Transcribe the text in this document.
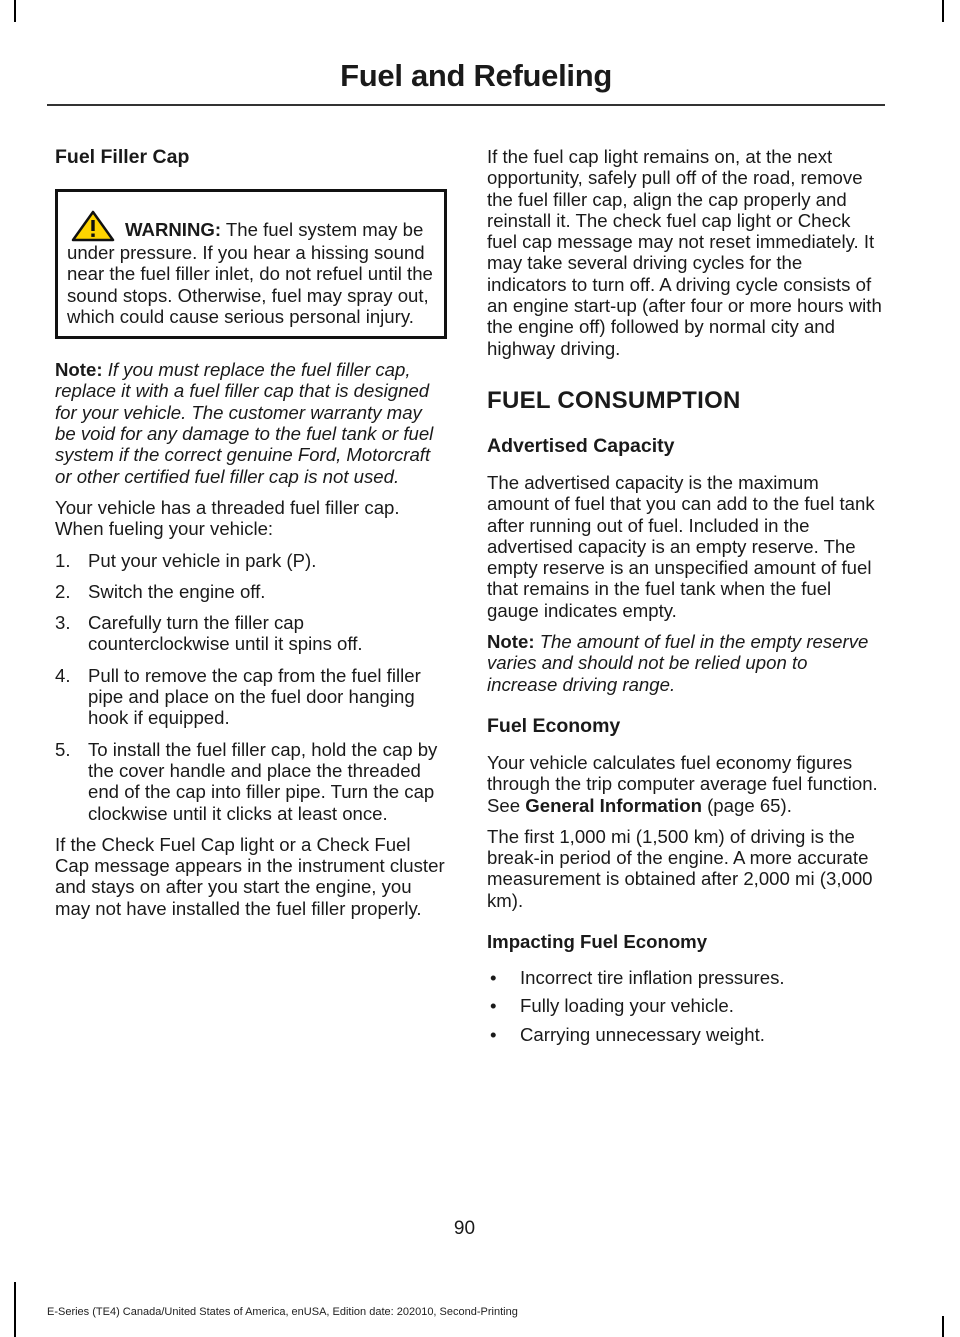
Fuel and Refueling
Fuel Filler Cap
WARNING: The fuel system may be under pressure. If you hear a hissing sound near the fuel filler inlet, do not refuel until the sound stops. Otherwise, fuel may spray out, which could cause serious personal injury.

Note: If you must replace the fuel filler cap, replace it with a fuel filler cap that is designed for your vehicle. The customer warranty may be void for any damage to the fuel tank or fuel system if the correct genuine Ford, Motorcraft or other certified fuel filler cap is not used.

Your vehicle has a threaded fuel filler cap. When fueling your vehicle:

1. Put your vehicle in park (P).
2. Switch the engine off.
3. Carefully turn the filler cap counterclockwise until it spins off.
4. Pull to remove the cap from the fuel filler pipe and place on the fuel door hanging hook if equipped.
5. To install the fuel filler cap, hold the cap by the cover handle and place the threaded end of the cap into filler pipe. Turn the cap clockwise until it clicks at least once.

If the Check Fuel Cap light or a Check Fuel Cap message appears in the instrument cluster and stays on after you start the engine, you may not have installed the fuel filler properly.

If the fuel cap light remains on, at the next opportunity, safely pull off of the road, remove the fuel filler cap, align the cap properly and reinstall it. The check fuel cap light or Check fuel cap message may not reset immediately. It may take several driving cycles for the indicators to turn off. A driving cycle consists of an engine start-up (after four or more hours with the engine off) followed by normal city and highway driving.

FUEL CONSUMPTION
Advertised Capacity

The advertised capacity is the maximum amount of fuel that you can add to the fuel tank after running out of fuel. Included in the advertised capacity is an empty reserve. The empty reserve is an unspecified amount of fuel that remains in the fuel tank when the fuel gauge indicates empty.

Note: The amount of fuel in the empty reserve varies and should not be relied upon to increase driving range.

Fuel Economy

Your vehicle calculates fuel economy figures through the trip computer average fuel function. See General Information (page 65).

The first 1,000 mi (1,500 km) of driving is the break-in period of the engine. A more accurate measurement is obtained after 2,000 mi (3,000 km).

Impacting Fuel Economy
• Incorrect tire inflation pressures.
• Fully loading your vehicle.
• Carrying unnecessary weight.
90
E-Series (TE4) Canada/United States of America, enUSA, Edition date: 202010, Second-Printing
